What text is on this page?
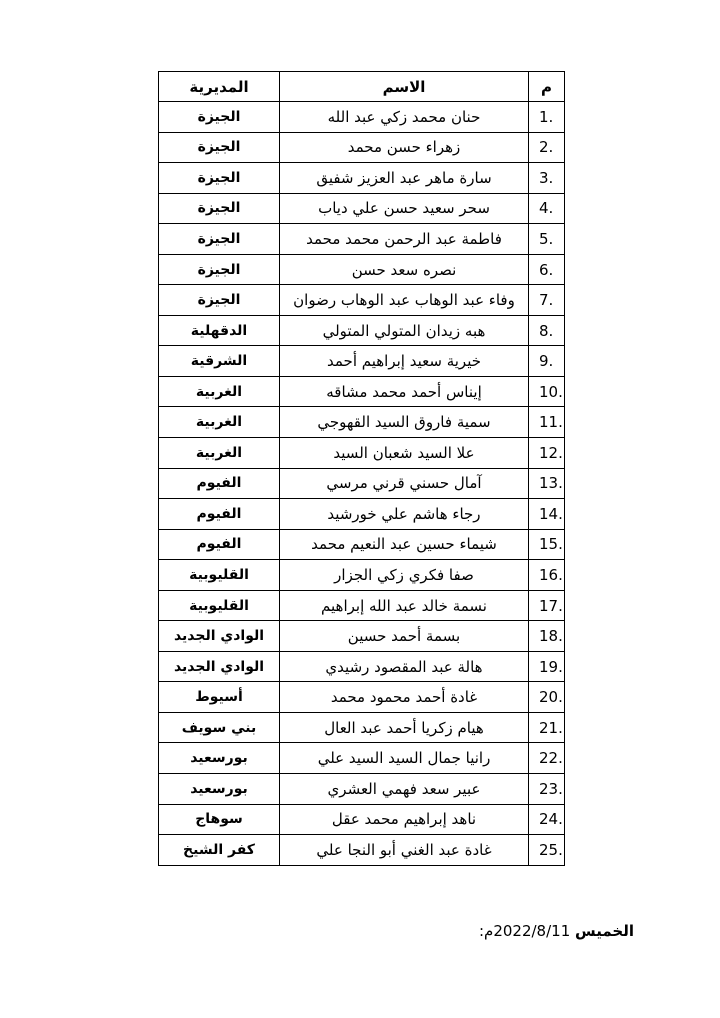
م	الاسم	المديرية
1.	حنان محمد زكي عبد الله	الجيزة
2.	زهراء حسن محمد	الجيزة
3.	سارة ماهر عبد العزيز شفيق	الجيزة
4.	سحر سعيد حسن علي دياب	الجيزة
5.	فاطمة عبد الرحمن محمد محمد	الجيزة
6.	نصره سعد حسن	الجيزة
7.	وفاء عبد الوهاب عبد الوهاب رضوان	الجيزة
8.	هبه زيدان المتولي المتولي	الدقهلية
9.	خيرية سعيد إبراهيم أحمد	الشرقية
10.	إيناس أحمد محمد مشاقه	الغربية
11.	سمية فاروق السيد القهوجي	الغربية
12.	علا السيد شعبان السيد	الغربية
13.	آمال حسني قرني مرسي	الفيوم
14.	رجاء هاشم علي خورشيد	الفيوم
15.	شيماء حسين عبد النعيم محمد	الفيوم
16.	صفا فكري زكي الجزار	القليوبية
17.	نسمة خالد عبد الله إبراهيم	القليوبية
18.	بسمة أحمد حسين	الوادي الجديد
19.	هالة عبد المقصود رشيدي	الوادي الجديد
20.	غادة أحمد محمود محمد	أسيوط
21.	هيام زكريا أحمد عبد العال	بني سويف
22.	رانيا جمال السيد السيد علي	بورسعيد
23.	عبير سعد فهمي العشري	بورسعيد
24.	ناهد إبراهيم محمد عقل	سوهاج
25.	غادة عبد الغني أبو النجا علي	كفر الشيخ
الخميس 2022/8/11م:
